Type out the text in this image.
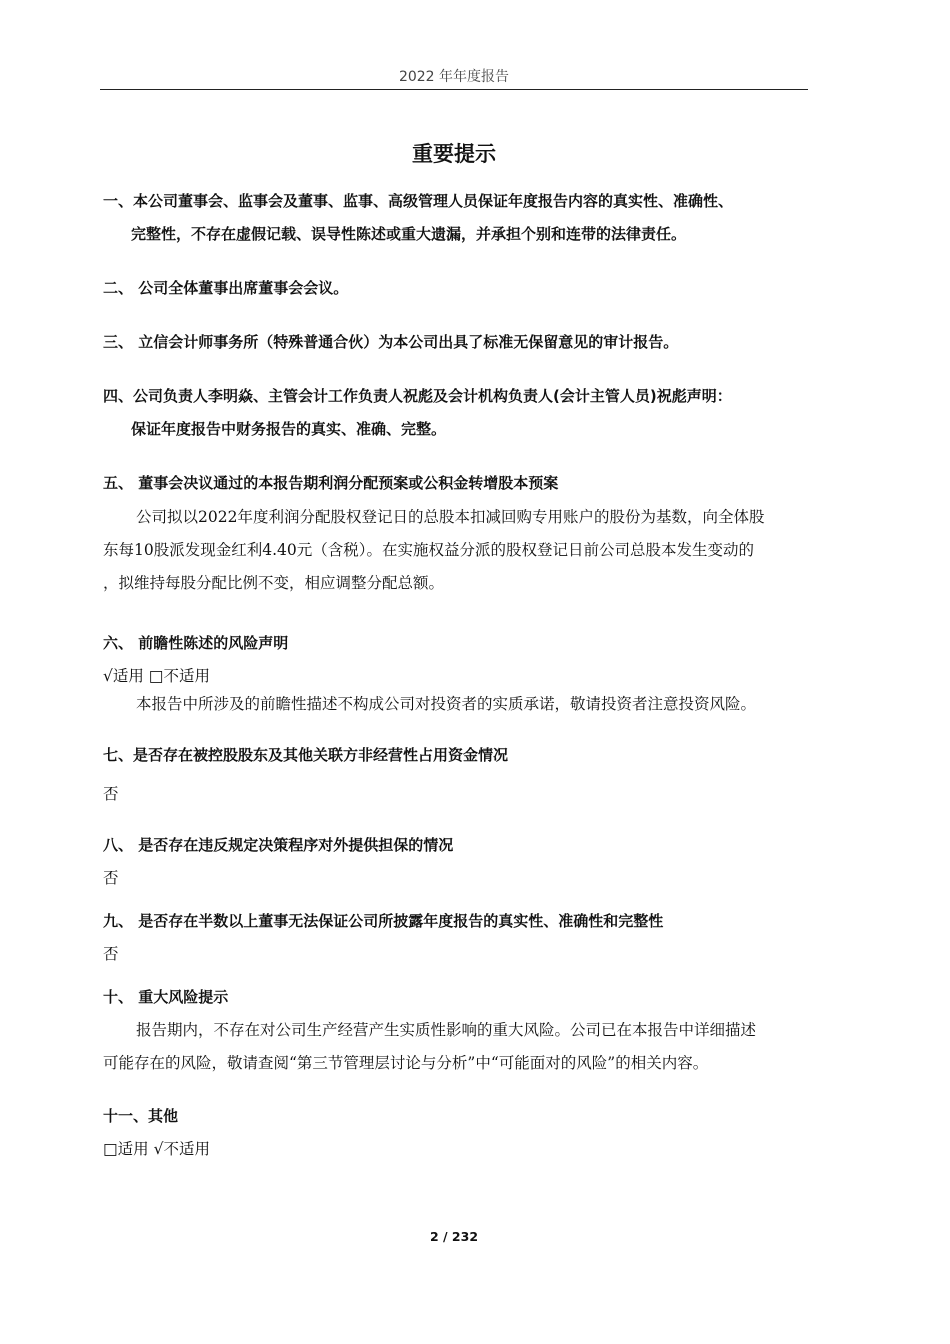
2022 年年度报告
重要提示
一、本公司董事会、监事会及董事、监事、高级管理人员保证年度报告内容的真实性、准确性、
完整性，不存在虚假记载、误导性陈述或重大遗漏，并承担个别和连带的法律责任。
二、 公司全体董事出席董事会会议。
三、 立信会计师事务所（特殊普通合伙）为本公司出具了标准无保留意见的审计报告。
四、公司负责人李明焱、主管会计工作负责人祝彪及会计机构负责人(会计主管人员)祝彪声明：
保证年度报告中财务报告的真实、准确、完整。
五、 董事会决议通过的本报告期利润分配预案或公积金转增股本预案
公司拟以2022年度利润分配股权登记日的总股本扣减回购专用账户的股份为基数，向全体股
东每10股派发现金红利4.40元（含税）。在实施权益分派的股权登记日前公司总股本发生变动的
，拟维持每股分配比例不变，相应调整分配总额。
六、 前瞻性陈述的风险声明
√适用 □不适用
本报告中所涉及的前瞻性描述不构成公司对投资者的实质承诺，敬请投资者注意投资风险。
七、是否存在被控股股东及其他关联方非经营性占用资金情况
否
八、 是否存在违反规定决策程序对外提供担保的情况
否
九、 是否存在半数以上董事无法保证公司所披露年度报告的真实性、准确性和完整性
否
十、 重大风险提示
报告期内，不存在对公司生产经营产生实质性影响的重大风险。公司已在本报告中详细描述
可能存在的风险，敬请查阅“第三节管理层讨论与分析”中“可能面对的风险”的相关内容。
十一、其他
□适用 √不适用
2 / 232
